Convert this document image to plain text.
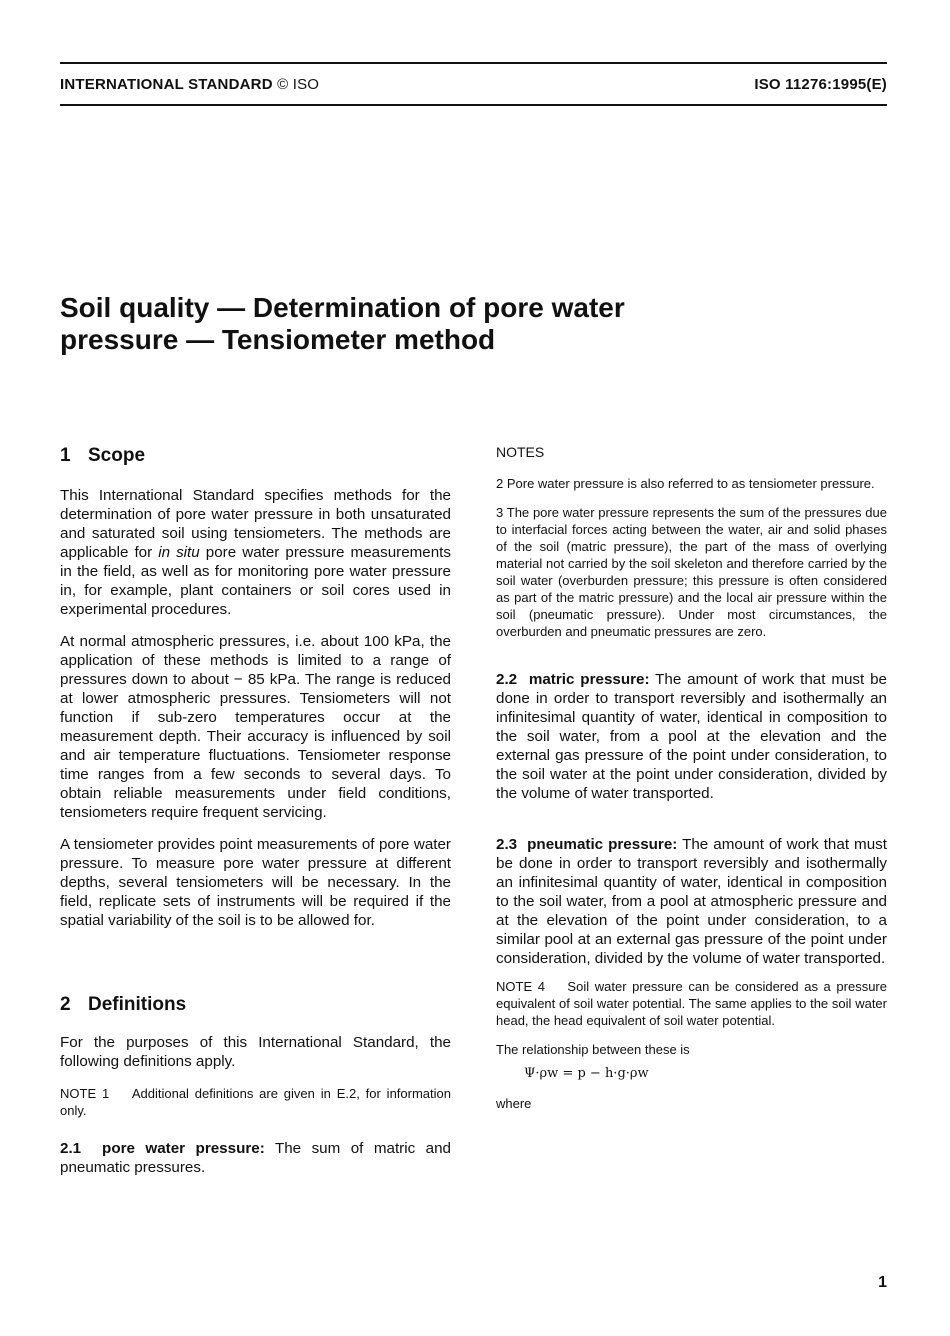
INTERNATIONAL STANDARD © ISO	ISO 11276:1995(E)
Soil quality — Determination of pore water
pressure — Tensiometer method
1 Scope

This International Standard specifies methods for the determination of pore water pressure in both unsaturated and saturated soil using tensiometers. The methods are applicable for in situ pore water pressure measurements in the field, as well as for monitoring pore water pressure in, for example, plant containers or soil cores used in experimental procedures.

At normal atmospheric pressures, i.e. about 100 kPa, the application of these methods is limited to a range of pressures down to about − 85 kPa. The range is reduced at lower atmospheric pressures. Tensiometers will not function if sub-zero temperatures occur at the measurement depth. Their accuracy is influenced by soil and air temperature fluctuations. Tensiometer response time ranges from a few seconds to several days. To obtain reliable measurements under field conditions, tensiometers require frequent servicing.

A tensiometer provides point measurements of pore water pressure. To measure pore water pressure at different depths, several tensiometers will be necessary. In the field, replicate sets of instruments will be required if the spatial variability of the soil is to be allowed for.

2 Definitions

For the purposes of this International Standard, the following definitions apply.

NOTE 1    Additional definitions are given in E.2, for information only.

2.1 pore water pressure: The sum of matric and pneumatic pressures.

NOTES

2 Pore water pressure is also referred to as tensiometer pressure.

3 The pore water pressure represents the sum of the pressures due to interfacial forces acting between the water, air and solid phases of the soil (matric pressure), the part of the mass of overlying material not carried by the soil skeleton and therefore carried by the soil water (overburden pressure; this pressure is often considered as part of the matric pressure) and the local air pressure within the soil (pneumatic pressure). Under most circumstances, the overburden and pneumatic pressures are zero.

2.2 matric pressure: The amount of work that must be done in order to transport reversibly and isothermally an infinitesimal quantity of water, identical in composition to the soil water, from a pool at the elevation and the external gas pressure of the point under consideration, to the soil water at the point under consideration, divided by the volume of water transported.

2.3 pneumatic pressure: The amount of work that must be done in order to transport reversibly and isothermally an infinitesimal quantity of water, identical in composition to the soil water, from a pool at atmospheric pressure and at the elevation of the point under consideration, to a similar pool at an external gas pressure of the point under consideration, divided by the volume of water transported.

NOTE 4    Soil water pressure can be considered as a pressure equivalent of soil water potential. The same applies to the soil water head, the head equivalent of soil water potential.

The relationship between these is

Ψ·ρw = p − h·g·ρw

where

1
